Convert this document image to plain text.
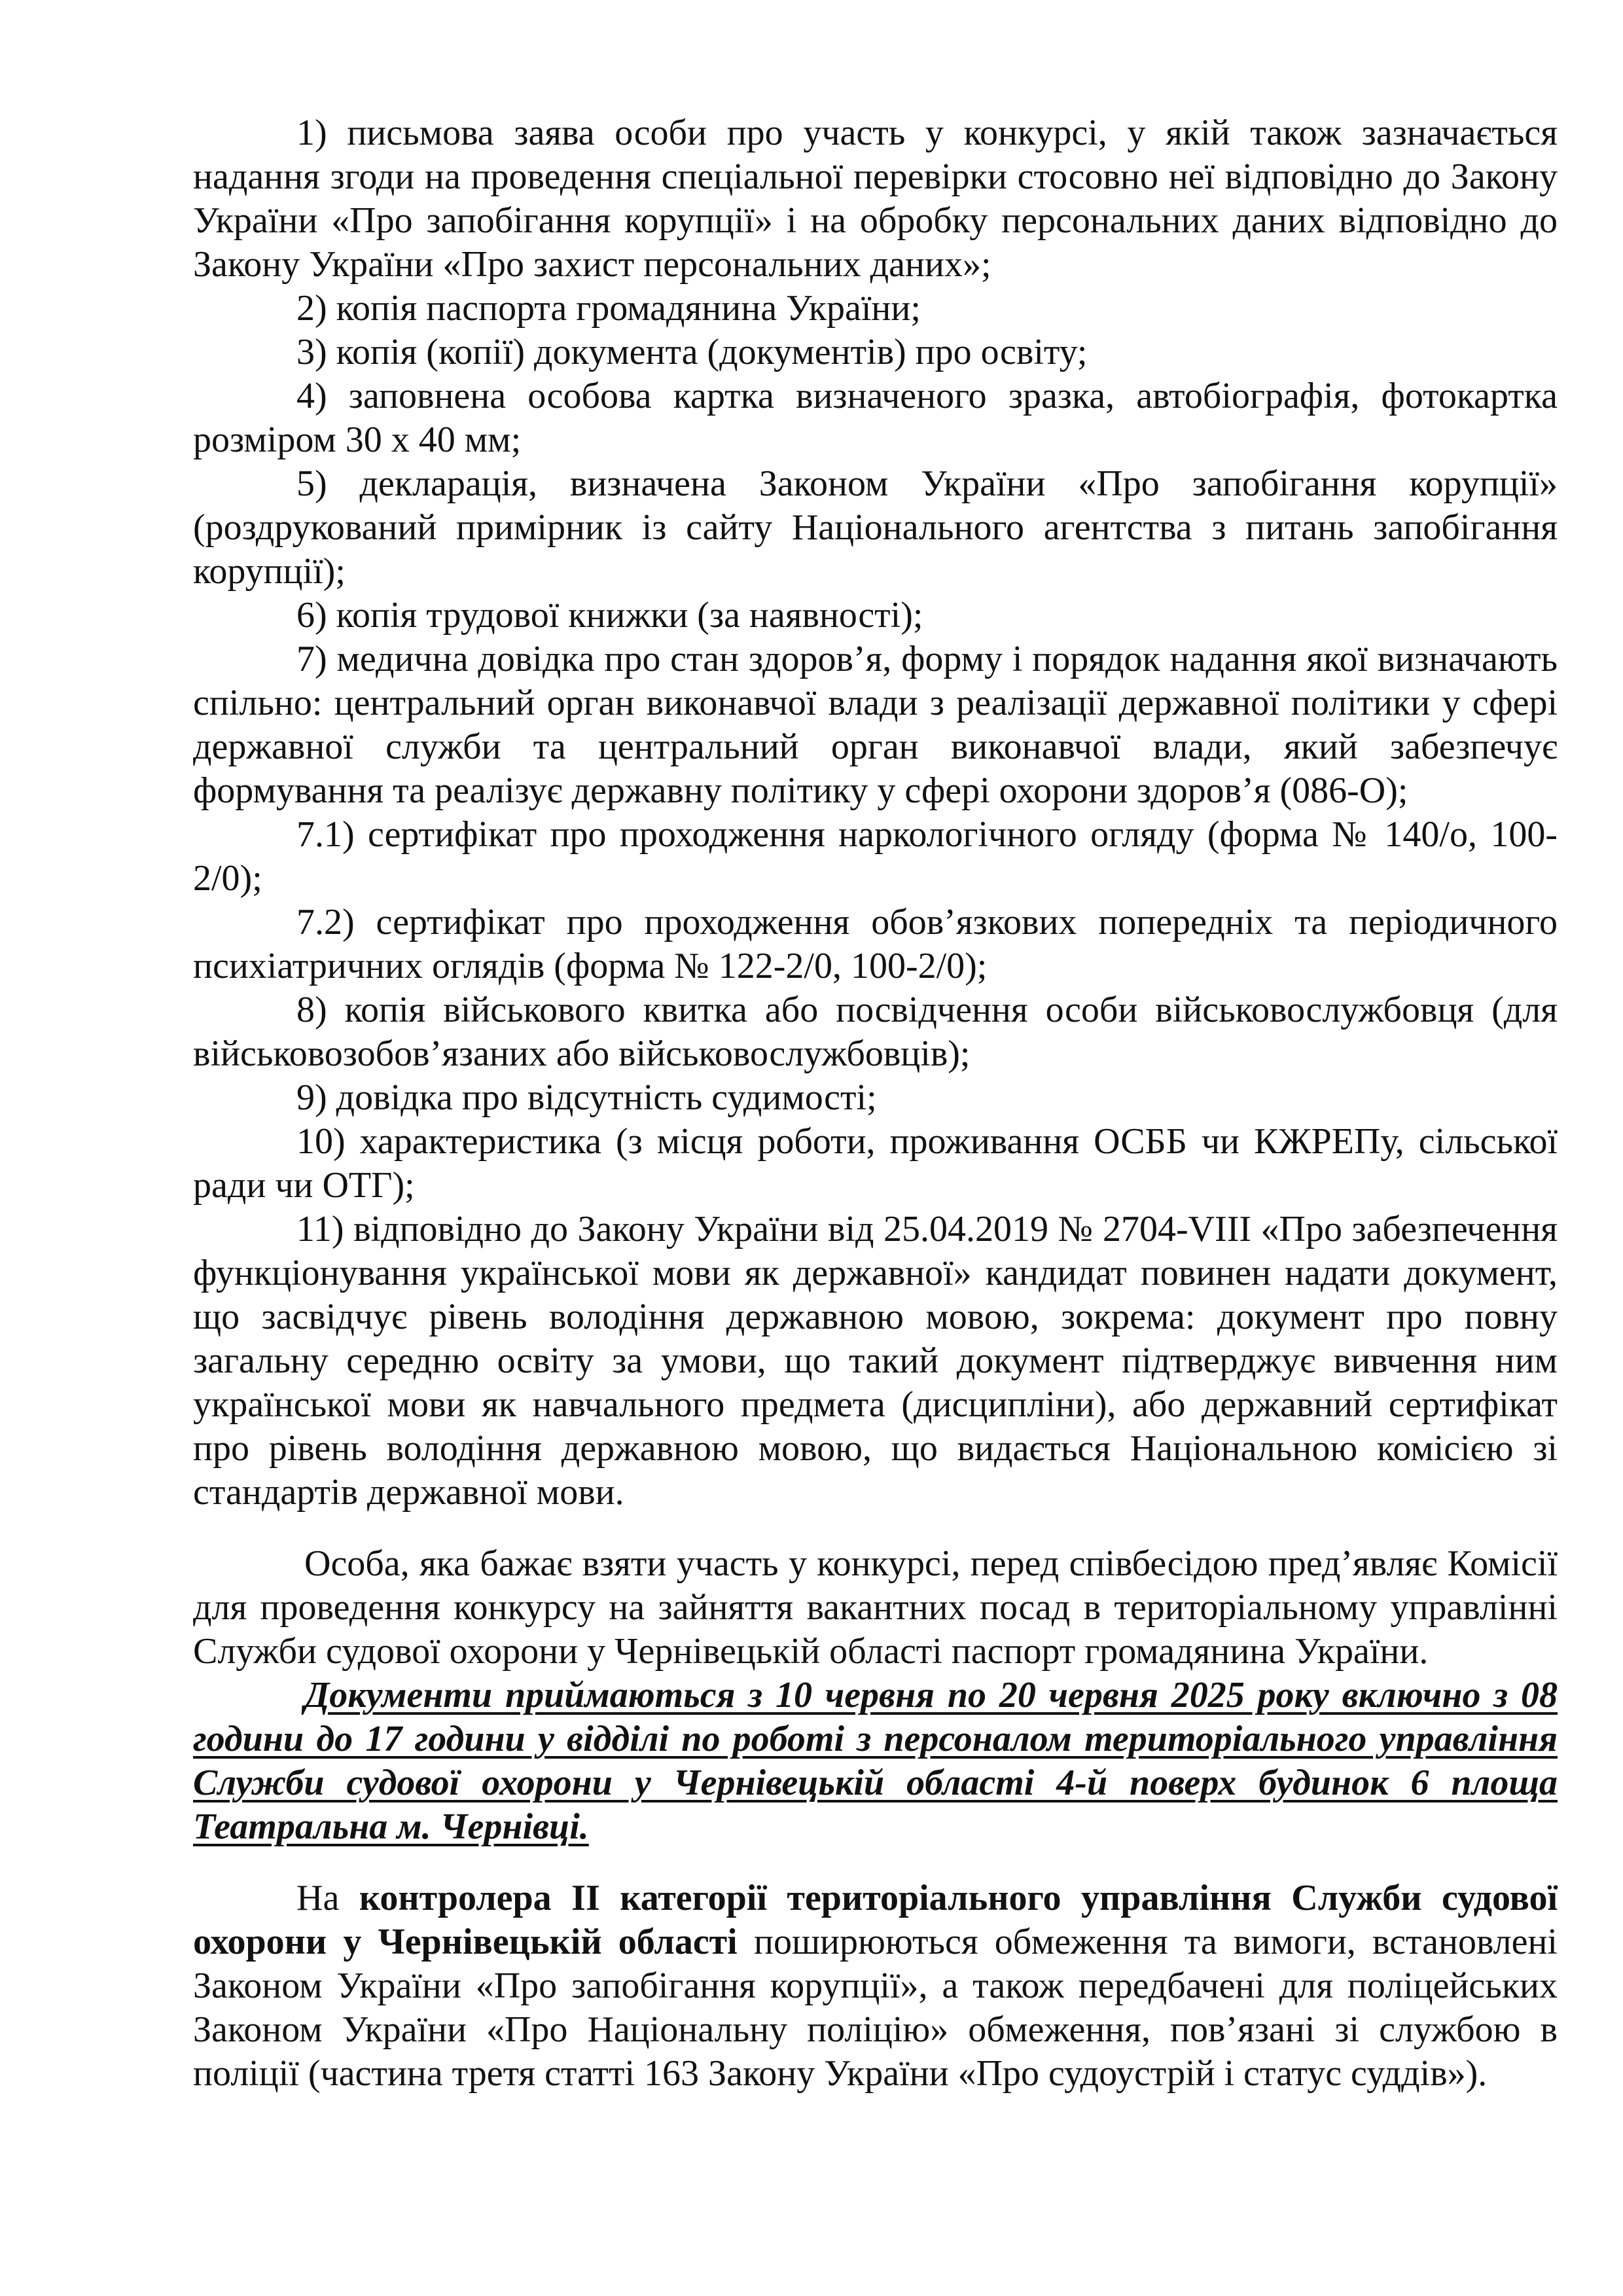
1) письмова заява особи про участь у конкурсі, у якій також зазначається надання згоди на проведення спеціальної перевірки стосовно неї відповідно до Закону України «Про запобігання корупції» і на обробку персональних даних відповідно до Закону України «Про захист персональних даних»;

2) копія паспорта громадянина України;

3) копія (копії) документа (документів) про освіту;

4) заповнена особова картка визначеного зразка, автобіографія, фотокартка розміром 30 х 40 мм;

5) декларація, визначена Законом України «Про запобігання корупції» (роздрукований примірник із сайту Національного агентства з питань запобігання корупції);

6) копія трудової книжки (за наявності);

7) медична довідка про стан здоров’я, форму і порядок надання якої визначають спільно: центральний орган виконавчої влади з реалізації державної політики у сфері державної служби та центральний орган виконавчої влади, який забезпечує формування та реалізує державну політику у сфері охорони здоров’я (086-О);

7.1) сертифікат про проходження наркологічного огляду (форма № 140/о, 100-2/0);

7.2) сертифікат про проходження обов’язкових попередніх та періодичного психіатричних оглядів (форма № 122-2/0, 100-2/0);

8) копія військового квитка або посвідчення особи військовослужбовця (для військовозобов’язаних або військовослужбовців);

9) довідка про відсутність судимості;

10) характеристика (з місця роботи, проживання ОСББ чи КЖРЕПу, сільської ради чи ОТГ);

11) відповідно до Закону України від 25.04.2019 № 2704-VIII «Про забезпечення функціонування української мови як державної» кандидат повинен надати документ, що засвідчує рівень володіння державною мовою, зокрема: документ про повну загальну середню освіту за умови, що такий документ підтверджує вивчення ним української мови як навчального предмета (дисципліни), або державний сертифікат про рівень володіння державною мовою, що видається Національною комісією зі стандартів державної мови.

Особа, яка бажає взяти участь у конкурсі, перед співбесідою пред’являє Комісії для проведення конкурсу на зайняття вакантних посад в територіальному управлінні Служби судової охорони у Чернівецькій області паспорт громадянина України.

Документи приймаються з 10 червня по 20 червня 2025 року включно з 08 години до 17 години у відділі по роботі з персоналом територіального управління Служби судової охорони у Чернівецькій області 4-й поверх будинок 6 площа Театральна м. Чернівці.

На контролера ІІ категорії територіального управління Служби судової охорони у Чернівецькій області поширюються обмеження та вимоги, встановлені Законом України «Про запобігання корупції», а також передбачені для поліцейських Законом України «Про Національну поліцію» обмеження, пов’язані зі службою в поліції (частина третя статті 163 Закону України «Про судоустрій і статус суддів»).
